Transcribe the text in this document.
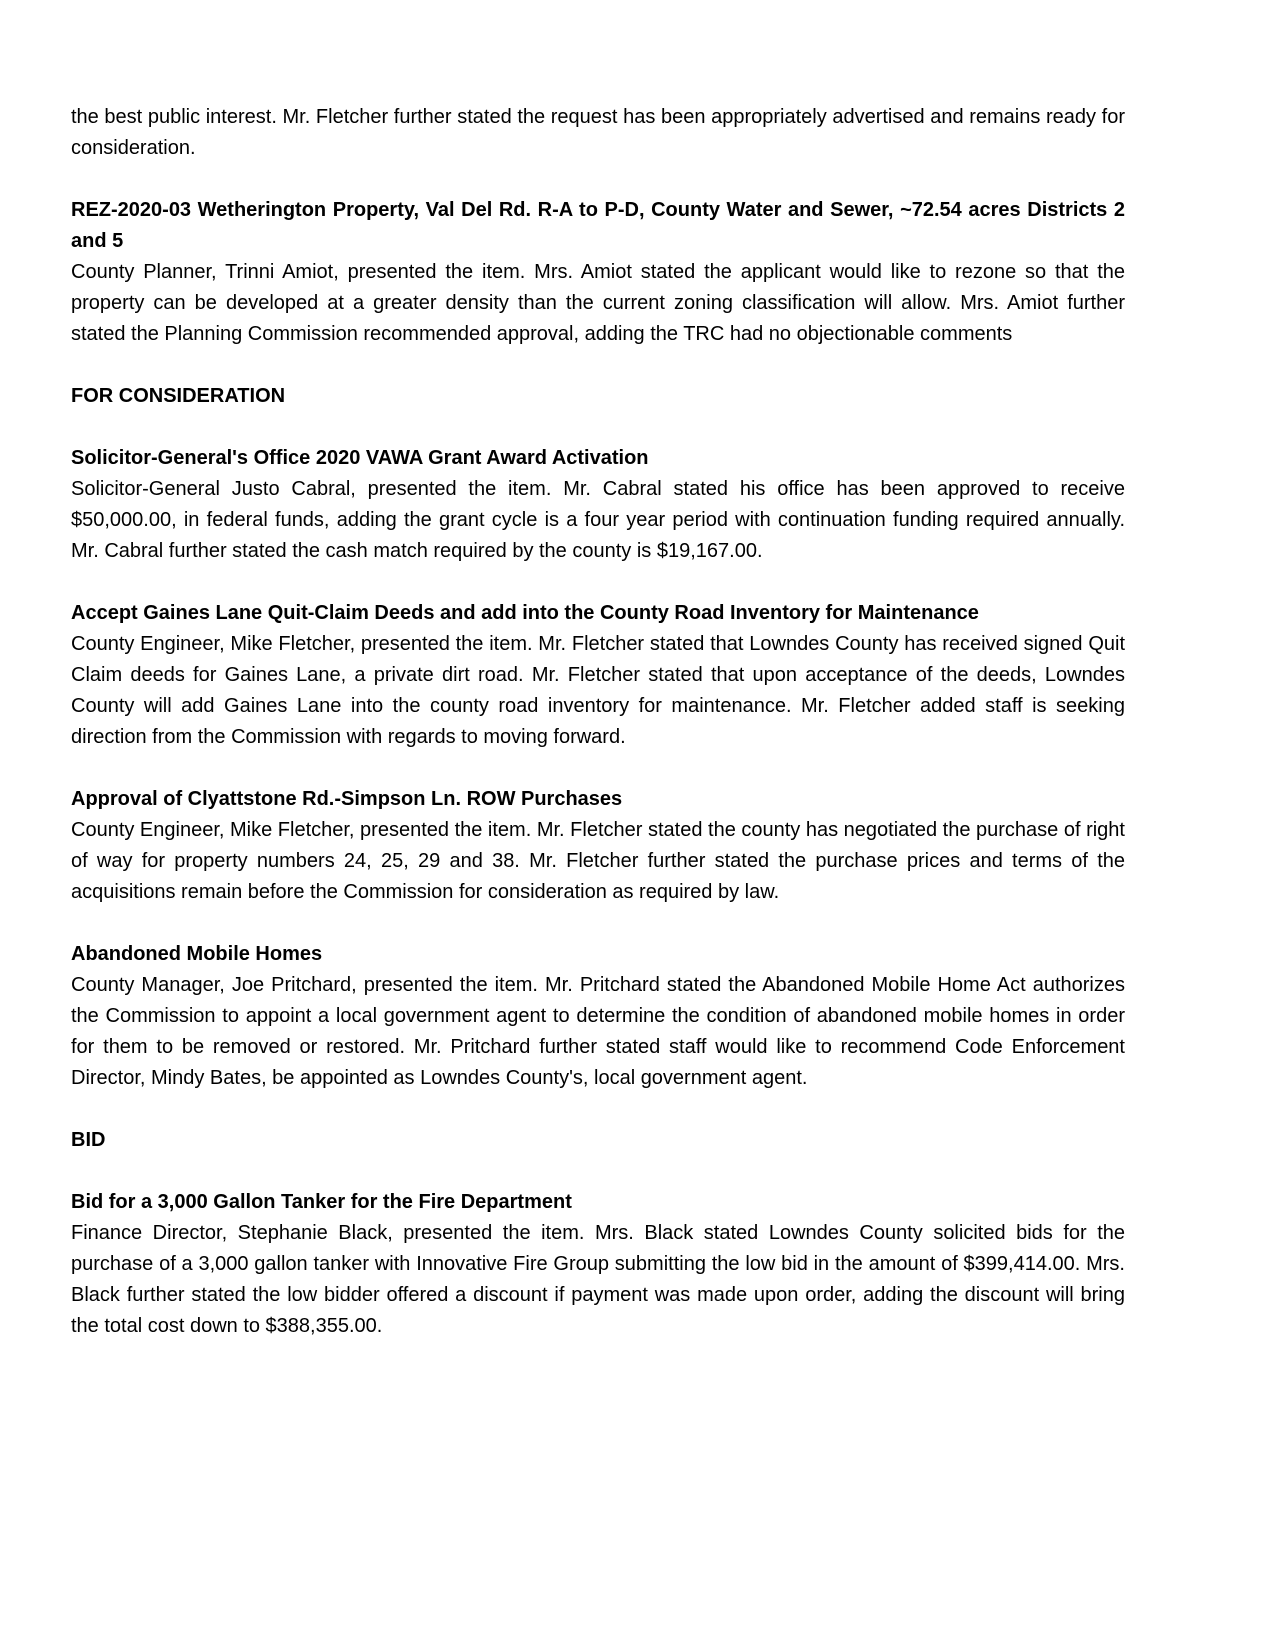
the best public interest. Mr. Fletcher further stated the request has been appropriately advertised and remains ready for consideration.

REZ-2020-03 Wetherington Property, Val Del Rd. R-A to P-D, County Water and Sewer, ~72.54 acres Districts 2 and 5

County Planner, Trinni Amiot, presented the item. Mrs. Amiot stated the applicant would like to rezone so that the property can be developed at a greater density than the current zoning classification will allow. Mrs. Amiot further stated the Planning Commission recommended approval, adding the TRC had no objectionable comments

FOR CONSIDERATION
Solicitor-General's Office 2020 VAWA Grant Award Activation

Solicitor-General Justo Cabral, presented the item. Mr. Cabral stated his office has been approved to receive $50,000.00, in federal funds, adding the grant cycle is a four year period with continuation funding required annually. Mr. Cabral further stated the cash match required by the county is $19,167.00.

Accept Gaines Lane Quit-Claim Deeds and add into the County Road Inventory for Maintenance

County Engineer, Mike Fletcher, presented the item. Mr. Fletcher stated that Lowndes County has received signed Quit Claim deeds for Gaines Lane, a private dirt road. Mr. Fletcher stated that upon acceptance of the deeds, Lowndes County will add Gaines Lane into the county road inventory for maintenance. Mr. Fletcher added staff is seeking direction from the Commission with regards to moving forward.

Approval of Clyattstone Rd.-Simpson Ln. ROW Purchases

County Engineer, Mike Fletcher, presented the item. Mr. Fletcher stated the county has negotiated the purchase of right of way for property numbers 24, 25, 29 and 38. Mr. Fletcher further stated the purchase prices and terms of the acquisitions remain before the Commission for consideration as required by law.

Abandoned Mobile Homes

County Manager, Joe Pritchard, presented the item. Mr. Pritchard stated the Abandoned Mobile Home Act authorizes the Commission to appoint a local government agent to determine the condition of abandoned mobile homes in order for them to be removed or restored. Mr. Pritchard further stated staff would like to recommend Code Enforcement Director, Mindy Bates, be appointed as Lowndes County's, local government agent.

BID
Bid for a 3,000 Gallon Tanker for the Fire Department

Finance Director, Stephanie Black, presented the item. Mrs. Black stated Lowndes County solicited bids for the purchase of a 3,000 gallon tanker with Innovative Fire Group submitting the low bid in the amount of $399,414.00. Mrs. Black further stated the low bidder offered a discount if payment was made upon order, adding the discount will bring the total cost down to $388,355.00.
